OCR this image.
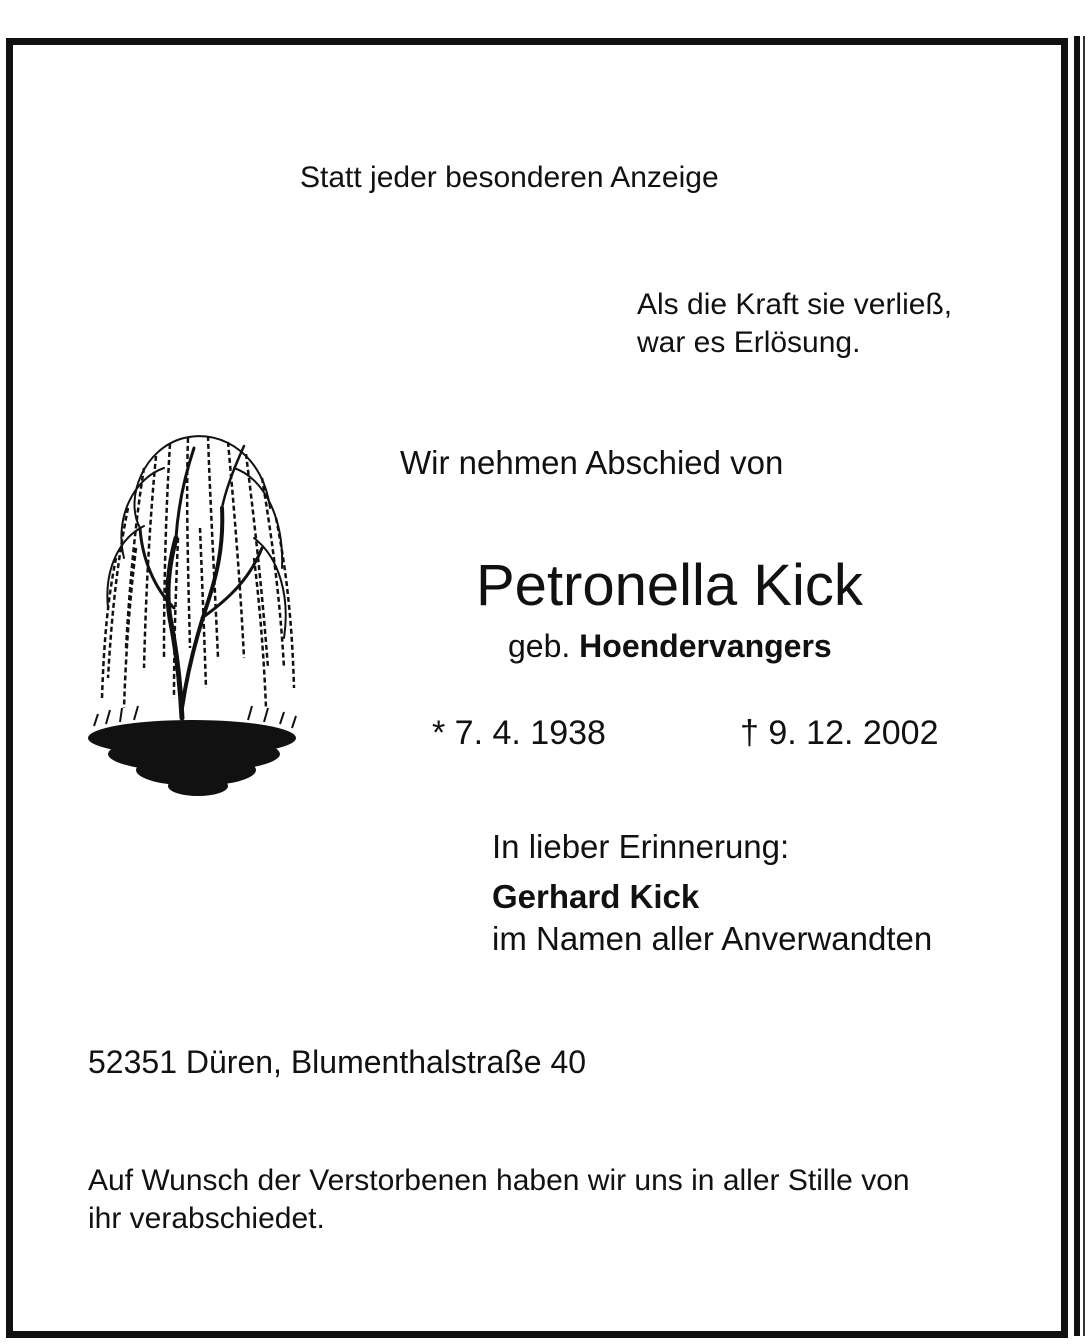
Statt jeder besonderen Anzeige
Als die Kraft sie verließ,
war es Erlösung.
Wir nehmen Abschied von
Petronella Kick
geb. Hoendervangers
* 7. 4. 1938	† 9. 12. 2002
In lieber Erinnerung:
Gerhard Kick
im Namen aller Anverwandten
52351 Düren, Blumenthalstraße 40
Auf Wunsch der Verstorbenen haben wir uns in aller Stille von
ihr verabschiedet.
